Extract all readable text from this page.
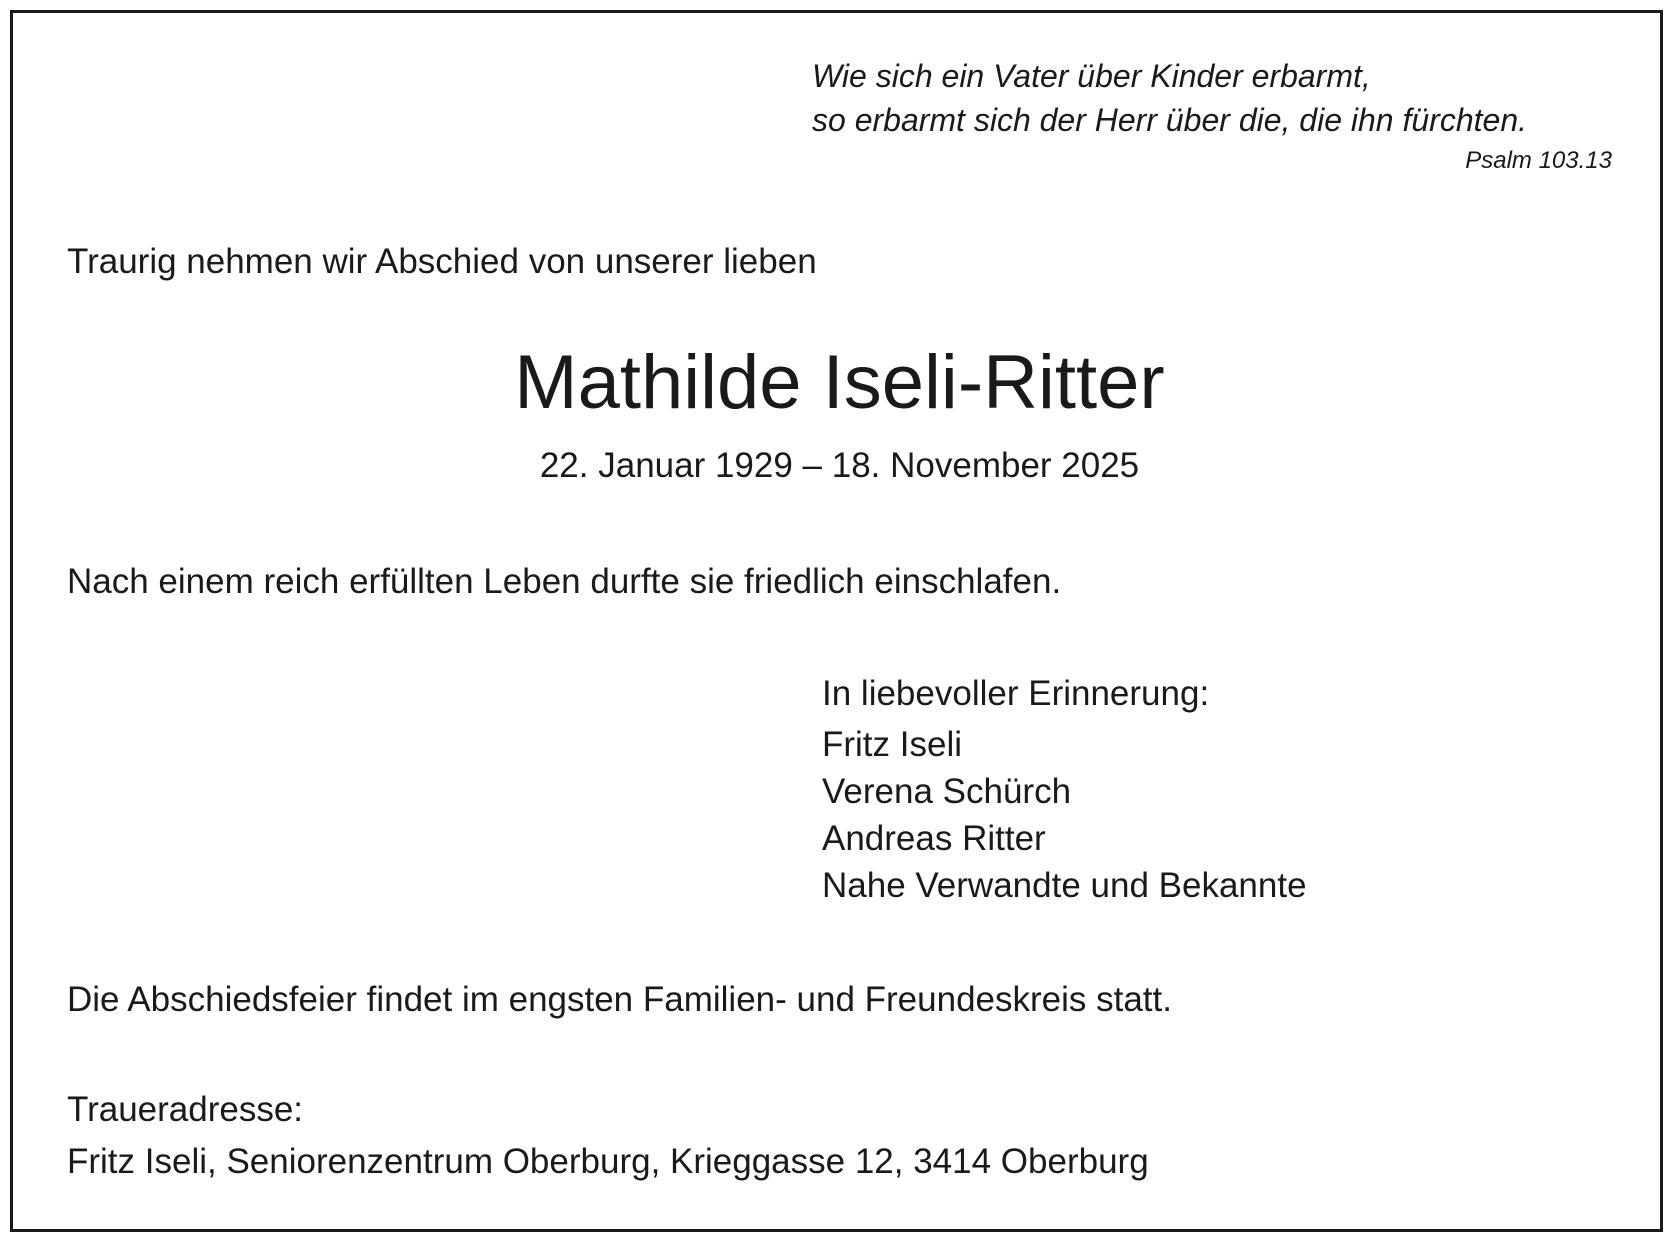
Wie sich ein Vater über Kinder erbarmt,
so erbarmt sich der Herr über die, die ihn fürchten.
Psalm 103.13
Traurig nehmen wir Abschied von unserer lieben
Mathilde Iseli-Ritter
22. Januar 1929 – 18. November 2025
Nach einem reich erfüllten Leben durfte sie friedlich einschlafen.
In liebevoller Erinnerung:
Fritz Iseli
Verena Schürch
Andreas Ritter
Nahe Verwandte und Bekannte
Die Abschiedsfeier findet im engsten Familien- und Freundeskreis statt.
Traueradresse:
Fritz Iseli, Seniorenzentrum Oberburg, Krieggasse 12, 3414 Oberburg
